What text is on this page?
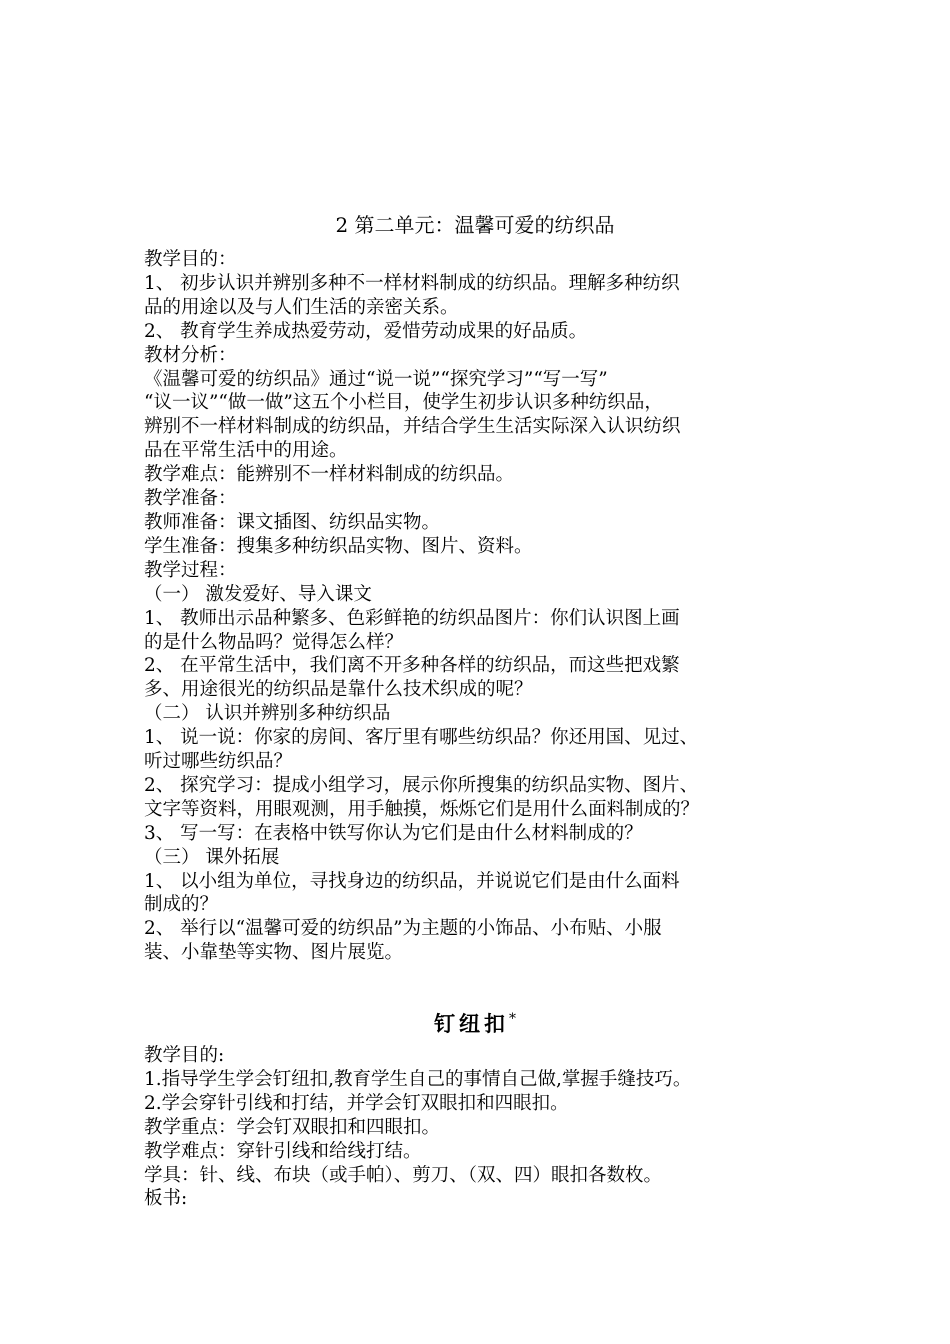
2 第二单元：温馨可爱的纺织品

教学目的：

1、 初步认识并辨别多种不一样材料制成的纺织品。理解多种纺织

品的用途以及与人们生活的亲密关系。

2、 教育学生养成热爱劳动，爱惜劳动成果的好品质。

教材分析：

《温馨可爱的纺织品》通过“说一说”“探究学习”“写一写”

“议一议”“做一做”这五个小栏目，使学生初步认识多种纺织品，

辨别不一样材料制成的纺织品，并结合学生生活实际深入认识纺织

品在平常生活中的用途。

教学难点：能辨别不一样材料制成的纺织品。

教学准备：

教师准备：课文插图、纺织品实物。

学生准备：搜集多种纺织品实物、图片、资料。

教学过程：

（一） 激发爱好、导入课文

1、 教师出示品种繁多、色彩鲜艳的纺织品图片：你们认识图上画

的是什么物品吗？觉得怎么样？

2、 在平常生活中，我们离不开多种各样的纺织品，而这些把戏繁

多、用途很光的纺织品是靠什么技术织成的呢？

（二） 认识并辨别多种纺织品

1、 说一说：你家的房间、客厅里有哪些纺织品？你还用国、见过、

听过哪些纺织品？

2、 探究学习：提成小组学习，展示你所搜集的纺织品实物、图片、

文字等资料，用眼观测，用手触摸，烁烁它们是用什么面料制成的？

3、 写一写：在表格中铁写你认为它们是由什么材料制成的？

（三） 课外拓展

1、 以小组为单位，寻找身边的纺织品，并说说它们是由什么面料

制成的？

2、 举行以“温馨可爱的纺织品”为主题的小饰品、小布贴、小服

装、小靠垫等实物、图片展览。

钉纽扣*

教学目的:

1.指导学生学会钉纽扣,教育学生自己的事情自己做,掌握手缝技巧。

2.学会穿针引线和打结，并学会钉双眼扣和四眼扣。

教学重点：学会钉双眼扣和四眼扣。

教学难点：穿针引线和给线打结。

学具：针、线、布块（或手帕）、剪刀、（双、四）眼扣各数枚。

板书:
